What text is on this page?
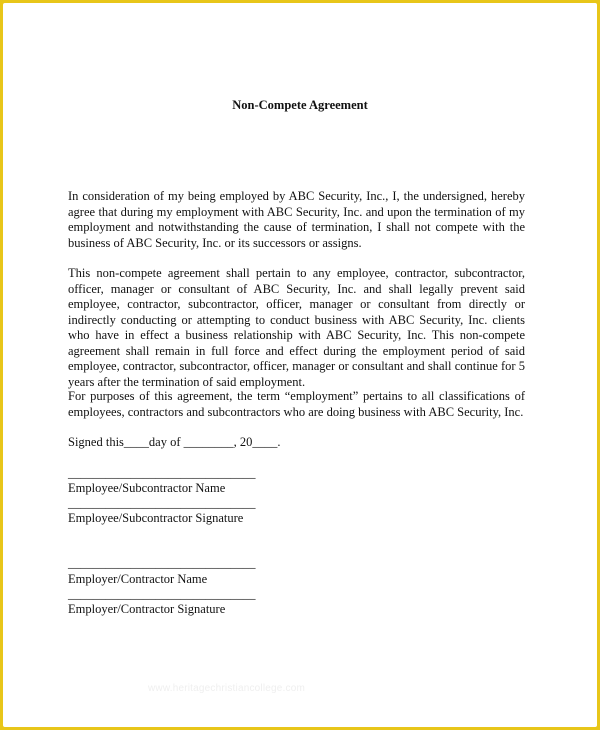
Non-Compete Agreement

In consideration of my being employed by ABC Security, Inc., I, the undersigned, hereby agree that during my employment with ABC Security, Inc. and upon the termination of my employment and notwithstanding the cause of termination, I shall not compete with the business of ABC Security, Inc. or its successors or assigns.

This non-compete agreement shall pertain to any employee, contractor, subcontractor, officer, manager or consultant of ABC Security, Inc. and shall legally prevent said employee, contractor, subcontractor, officer, manager or consultant from directly or indirectly conducting or attempting to conduct business with ABC Security, Inc. clients who have in effect a business relationship with ABC Security, Inc. This non-compete agreement shall remain in full force and effect during the employment period of said employee, contractor, subcontractor, officer, manager or consultant and shall continue for 5 years after the termination of said employment.

For purposes of this agreement, the term “employment” pertains to all classifications of employees, contractors and subcontractors who are doing business with ABC Security, Inc.

Signed this____day of ________, 20____.
______________________________
Employee/Subcontractor Name
______________________________
Employee/Subcontractor Signature
______________________________
Employer/Contractor Name
______________________________
Employer/Contractor Signature
www.heritagechristiancollege.com
